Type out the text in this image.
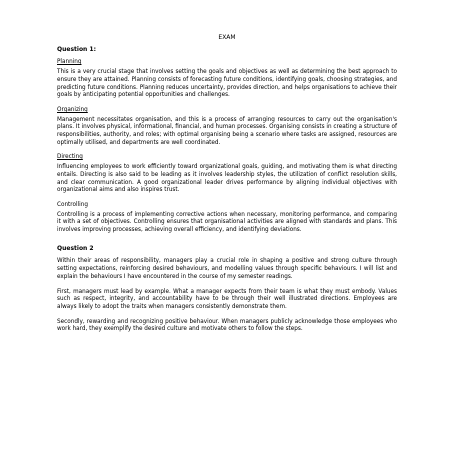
EXAM
Question 1:
Planning

This is a very crucial stage that involves setting the goals and objectives as well as determining the best approach to ensure they are attained. Planning consists of forecasting future conditions, identifying goals, choosing strategies, and predicting future conditions. Planning reduces uncertainty, provides direction, and helps organisations to achieve their goals by anticipating potential opportunities and challenges.

Organizing

Management necessitates organisation, and this is a process of arranging resources to carry out the organisation's plans. It involves physical, informational, financial, and human processes. Organising consists in creating a structure of responsibilities, authority, and roles; with optimal organising being a scenario where tasks are assigned, resources are optimally utilised, and departments are well coordinated.

Directing

Influencing employees to work efficiently toward organizational goals, guiding, and motivating them is what directing entails. Directing is also said to be leading as it involves leadership styles, the utilization of conflict resolution skills, and clear communication. A good organizational leader drives performance by aligning individual objectives with organizational aims and also inspires trust.

Controlling

Controlling is a process of implementing corrective actions when necessary, monitoring performance, and comparing it with a set of objectives. Controlling ensures that organisational activities are aligned with standards and plans. This involves improving processes, achieving overall efficiency, and identifying deviations.

Question 2

Within their areas of responsibility, managers play a crucial role in shaping a positive and strong culture through setting expectations, reinforcing desired behaviours, and modelling values through specific behaviours. I will list and explain the behaviours I have encountered in the course of my semester readings.

First, managers must lead by example. What a manager expects from their team is what they must embody. Values such as respect, integrity, and accountability have to be through their well illustrated directions. Employees are always likely to adopt the traits when managers consistently demonstrate them.

Secondly, rewarding and recognizing positive behaviour. When managers publicly acknowledge those employees who work hard, they exemplify the desired culture and motivate others to follow the steps.
